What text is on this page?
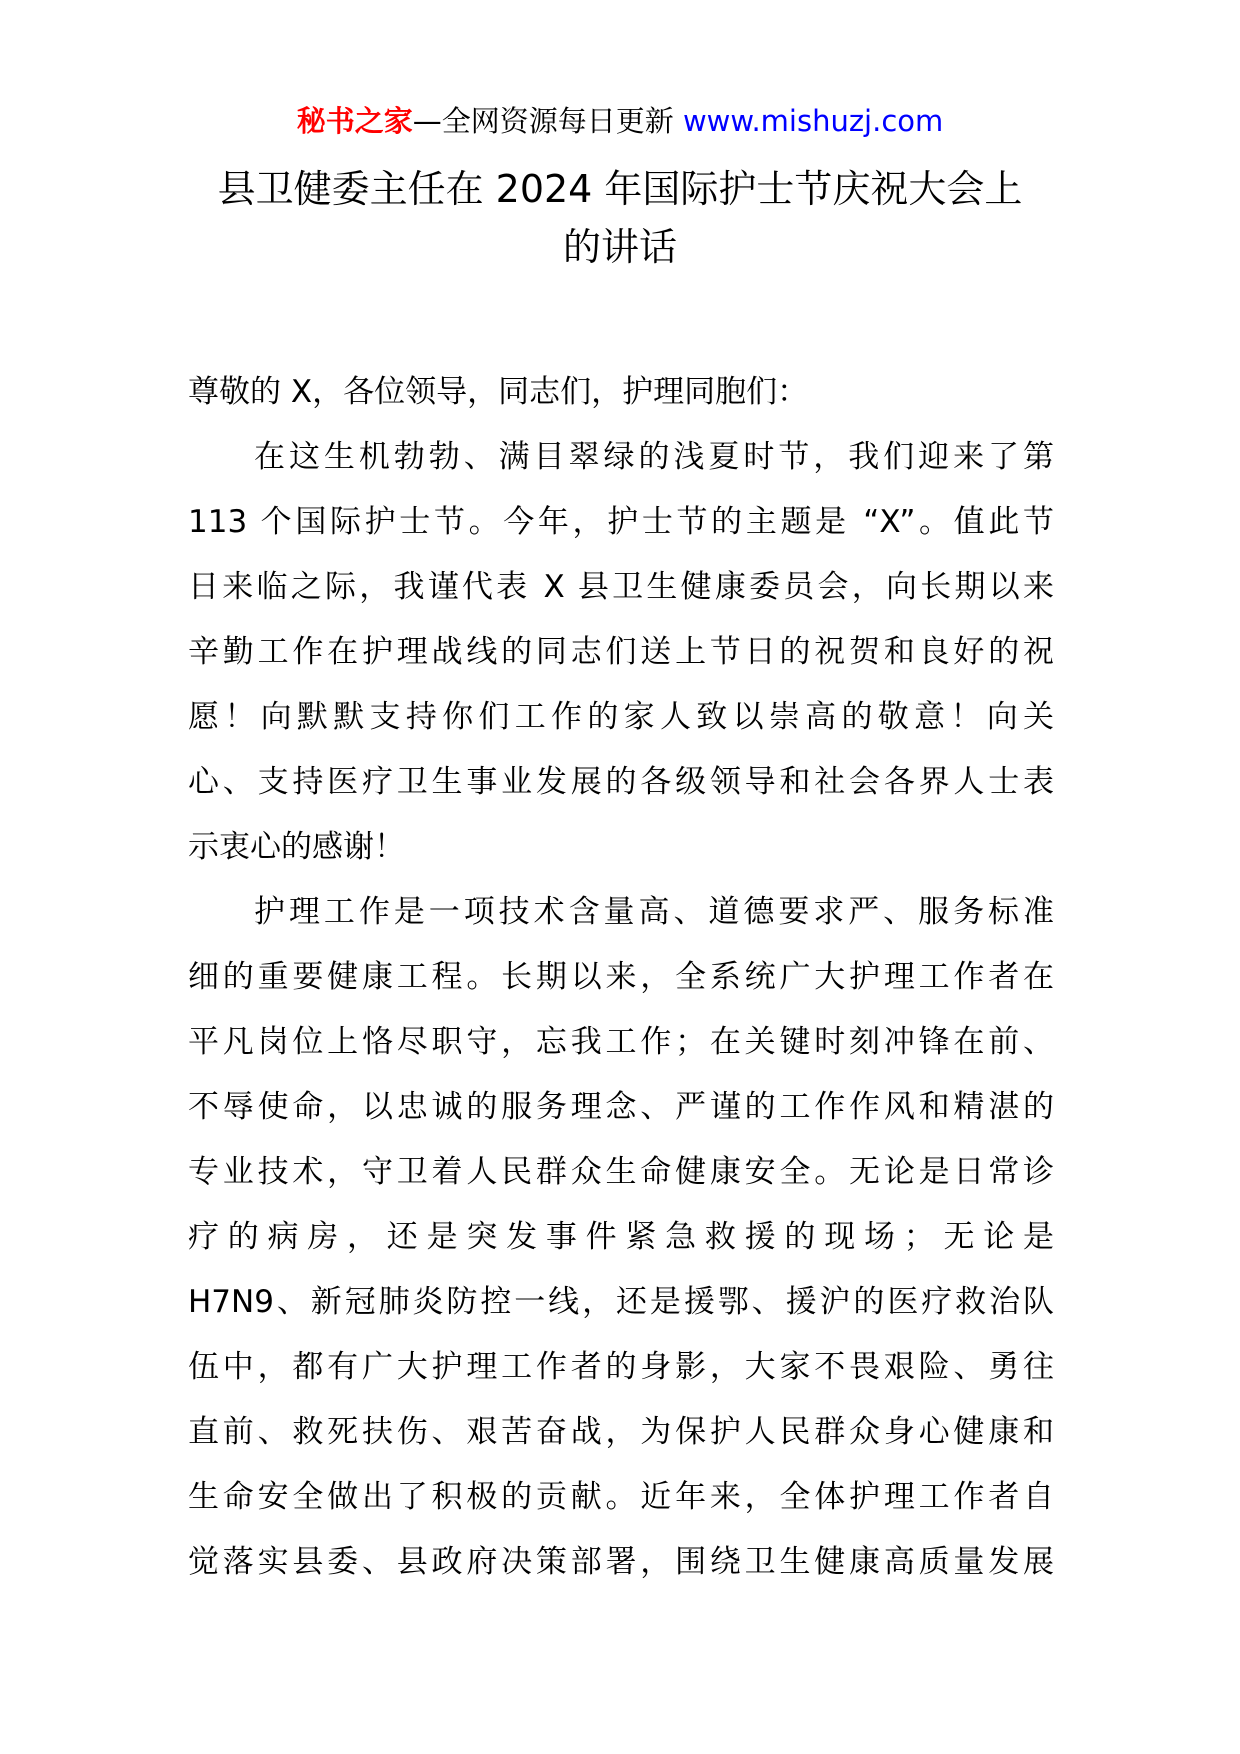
秘书之家—全网资源每日更新 www.mishuzj.com
县卫健委主任在 2024 年国际护士节庆祝大会上
的讲话
尊敬的 X，各位领导，同志们，护理同胞们：
在这生机勃勃、满目翠绿的浅夏时节，我们迎来了第
113 个国际护士节。今年，护士节的主题是 “X”。值此节
日来临之际，我谨代表 X 县卫生健康委员会，向长期以来
辛勤工作在护理战线的同志们送上节日的祝贺和良好的祝
愿！向默默支持你们工作的家人致以崇高的敬意！向关
心、支持医疗卫生事业发展的各级领导和社会各界人士表
示衷心的感谢！
护理工作是一项技术含量高、道德要求严、服务标准
细的重要健康工程。长期以来，全系统广大护理工作者在
平凡岗位上恪尽职守，忘我工作；在关键时刻冲锋在前、
不辱使命，以忠诚的服务理念、严谨的工作作风和精湛的
专业技术，守卫着人民群众生命健康安全。无论是日常诊
疗的病房，还是突发事件紧急救援的现场；无论是
H7N9、新冠肺炎防控一线，还是援鄂、援沪的医疗救治队
伍中，都有广大护理工作者的身影，大家不畏艰险、勇往
直前、救死扶伤、艰苦奋战，为保护人民群众身心健康和
生命安全做出了积极的贡献。近年来，全体护理工作者自
觉落实县委、县政府决策部署，围绕卫生健康高质量发展
